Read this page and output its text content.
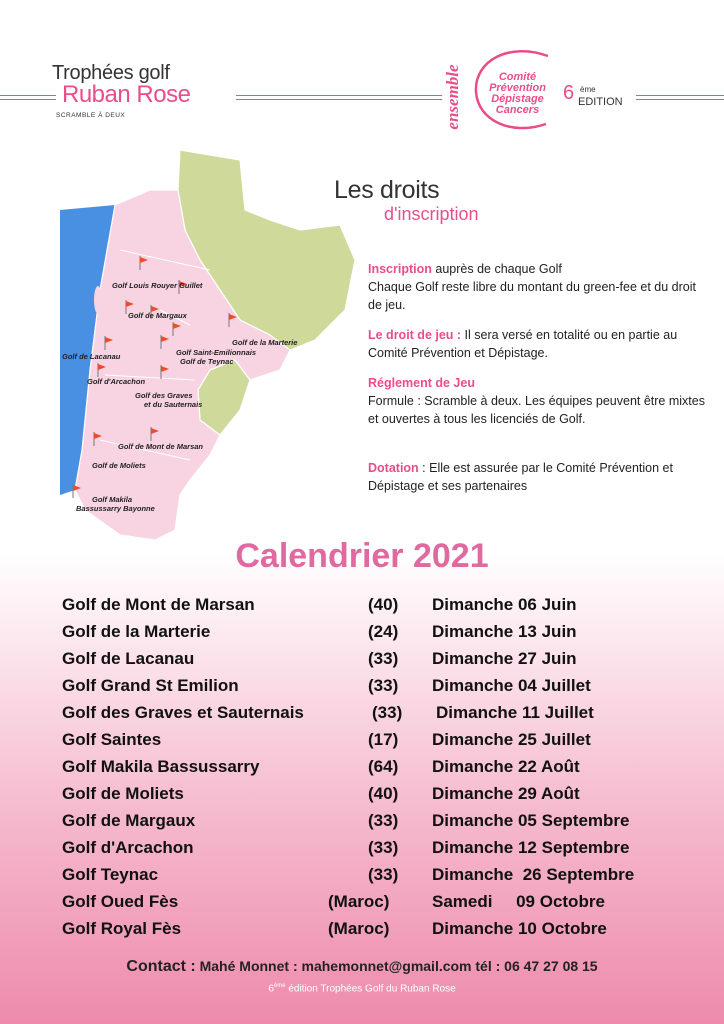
Trophées golf
Ruban Rose
SCRAMBLE À DEUX	ensemble	Comité
Prévention
Dépistage
Cancers
6 ème
EDITION
Golf Louis Rouyer Guillet
Golf de Margaux
Golf de la Marterie
Golf de Lacanau	Golf Saint-Emilionnais
Golf de Teynac
Golf d'Arcachon
Golf des Graves
et du Sauternais
Golf de Mont de Marsan
Golf de Moliets
Golf Makila
Bassussarry Bayonne
Les droits
d'inscription
Inscription auprès de chaque Golf
Chaque Golf reste libre du montant du green-fee et du droit de jeu.
Le droit de jeu : Il sera versé en totalité ou en partie au Comité Prévention et Dépistage.
Réglement de Jeu
Formule : Scramble à deux. Les équipes peuvent être mixtes et ouvertes à tous les licenciés de Golf.
Dotation : Elle est assurée par le Comité Prévention et Dépistage et ses partenaires
Calendrier 2021
Golf de Mont de Marsan	(40) Dimanche 06 Juin
Golf de la Marterie	(24) Dimanche 13 Juin
Golf de Lacanau	(33) Dimanche 27 Juin
Golf Grand St Emilion	(33) Dimanche 04 Juillet
Golf des Graves et Sauternais	(33) Dimanche 11 Juillet
Golf Saintes	(17) Dimanche 25 Juillet
Golf Makila Bassussarry	(64) Dimanche 22 Août
Golf de Moliets	(40) Dimanche 29 Août
Golf de Margaux	(33) Dimanche 05 Septembre
Golf d'Arcachon	(33) Dimanche 12 Septembre
Golf Teynac	(33) Dimanche  26 Septembre
Golf Oued Fès	(Maroc)	Samedi     09 Octobre
Golf Royal Fès	(Maroc)	Dimanche 10 Octobre
Contact : Mahé Monnet : mahemonnet@gmail.com tél : 06 47 27 08 15
6ème édition Trophées Golf du Ruban Rose
